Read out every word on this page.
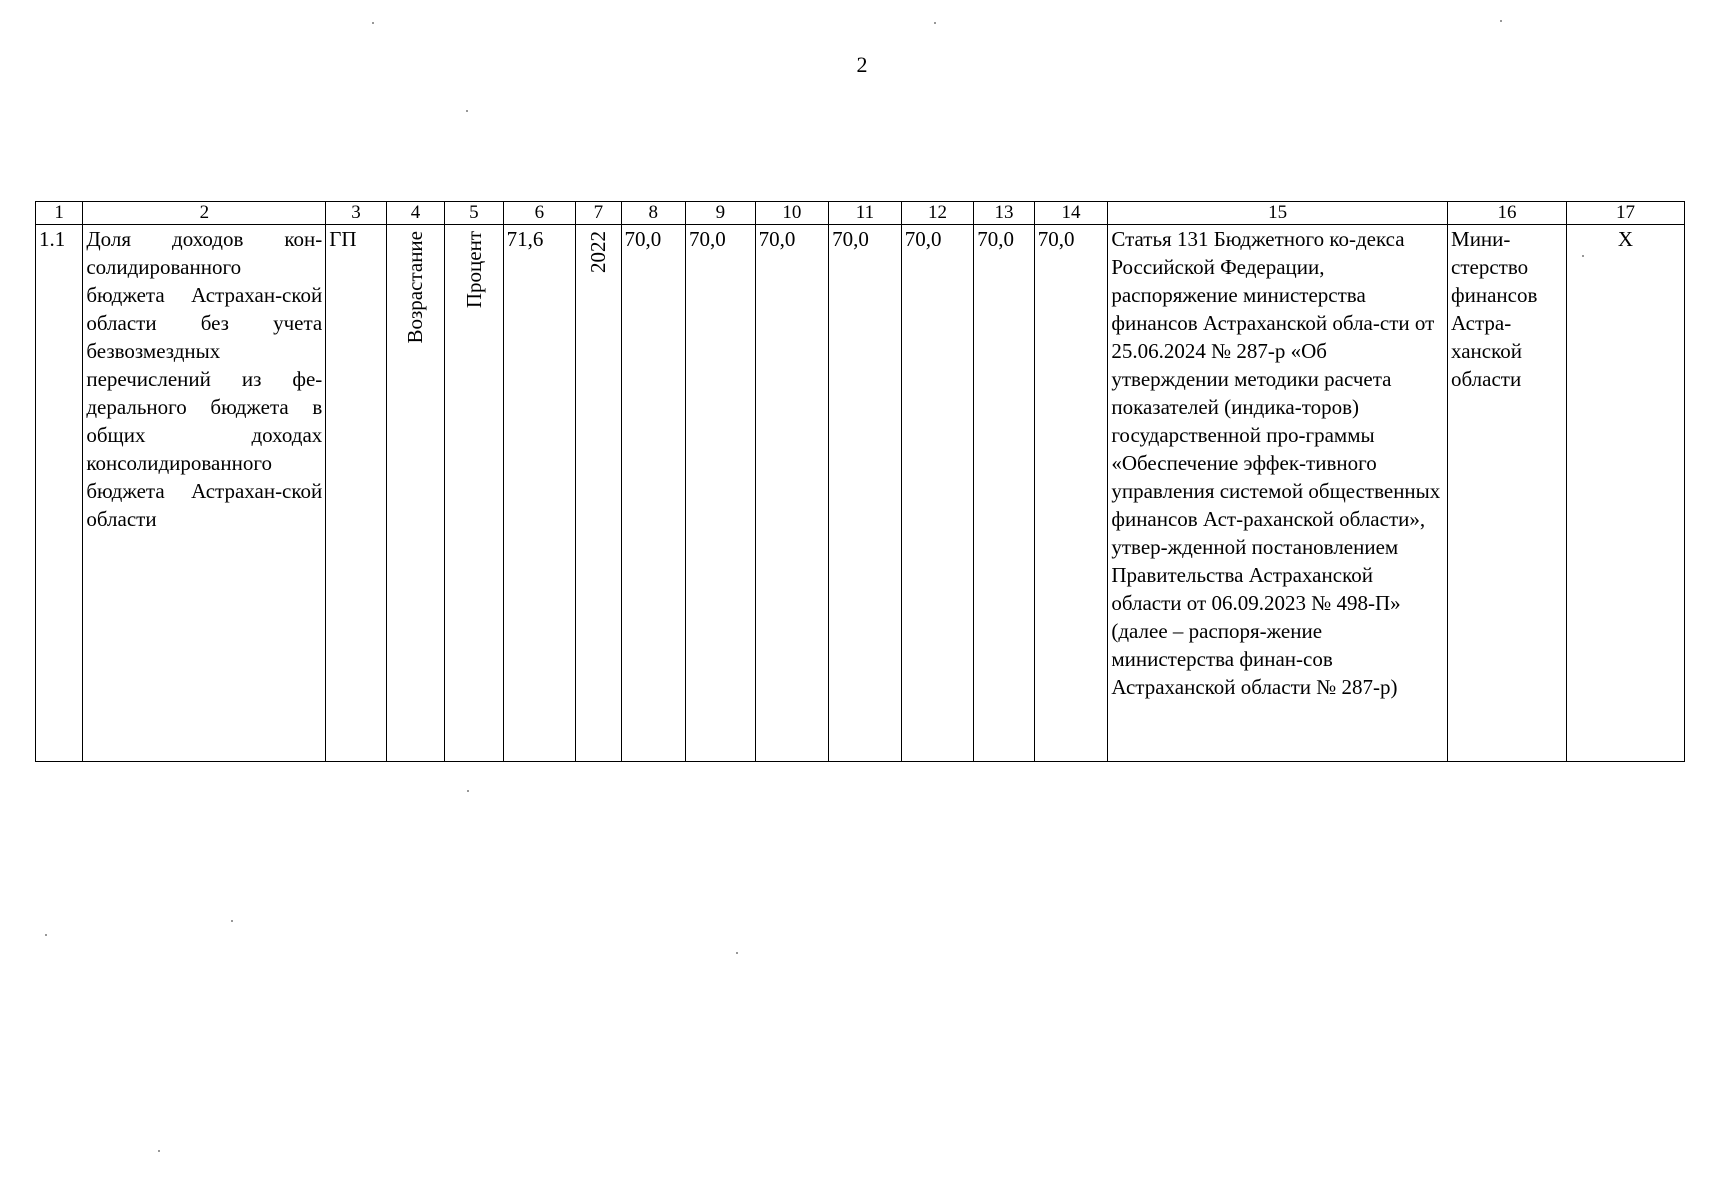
2
1	2	3	4	5	6	7	8	9	10	11	12	13	14	15	16	17
1.1	Доля доходов кон-солидированного бюджета Астрахан-ской области без учета безвозмездных перечислений из фе-дерального бюджета в общих доходах консолидированного бюджета Астрахан-ской области	ГП	Возрастание	Процент	71,6	2022	70,0	70,0	70,0	70,0	70,0	70,0	70,0	Статья 131 Бюджетного ко-декса Российской Федерации, распоряжение министерства финансов Астраханской обла-сти от 25.06.2024 № 287-р «Об утверждении методики расчета показателей (индика-торов) государственной про-граммы «Обеспечение эффек-тивного управления системой общественных финансов Аст-раханской области», утвер-жденной постановлением Правительства Астраханской области от 06.09.2023 № 498-П» (далее – распоря-жение министерства финан-сов Астраханской области № 287-р)	Мини-стерство финансов Астра-ханской области	Х
